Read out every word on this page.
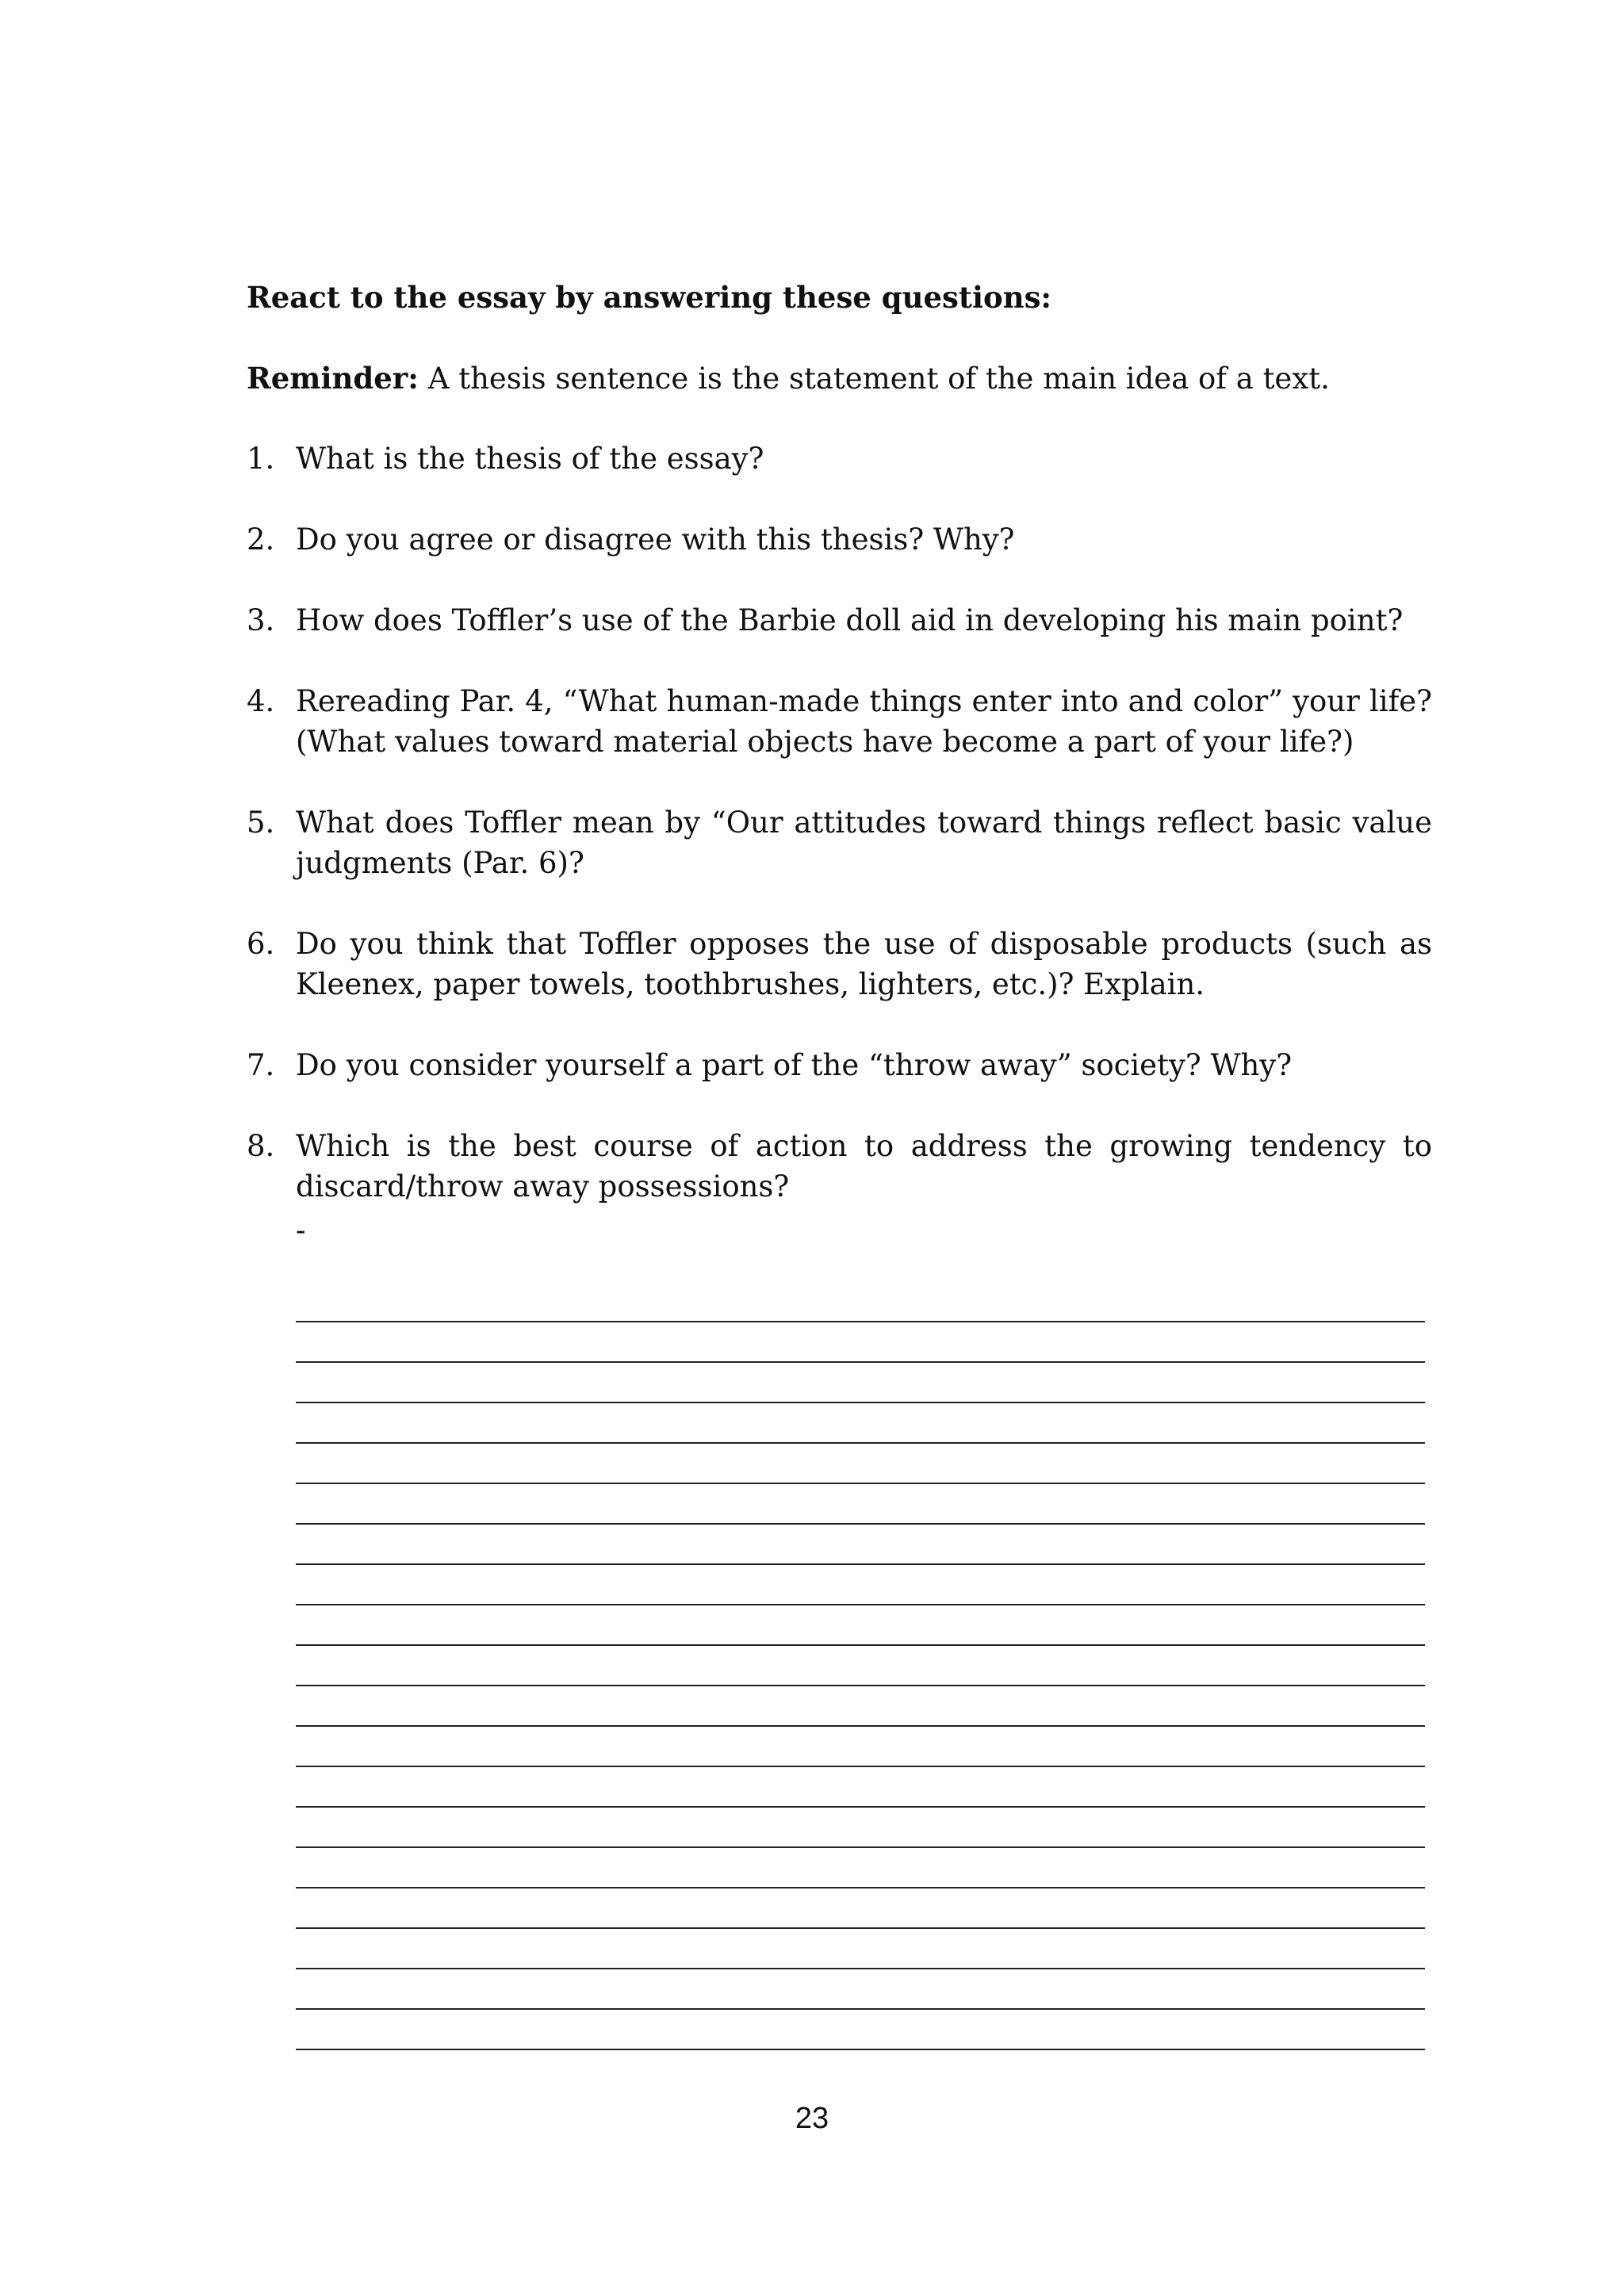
React to the essay by answering these questions:
Reminder: A thesis sentence is the statement of the main idea of a text.
1. What is the thesis of the essay?
2. Do you agree or disagree with this thesis? Why?
3. How does Toffler’s use of the Barbie doll aid in developing his main point?
4. Rereading Par. 4, “What human-made things enter into and color” your life? (What values toward material objects have become a part of your life?)
5. What does Toffler mean by “Our attitudes toward things reflect basic value judgments (Par. 6)?
6. Do you think that Toffler opposes the use of disposable products (such as Kleenex, paper towels, toothbrushes, lighters, etc.)? Explain.
7. Do you consider yourself a part of the “throw away” society? Why?
8. Which is the best course of action to address the growing tendency to discard/throw away possessions?
-
23
